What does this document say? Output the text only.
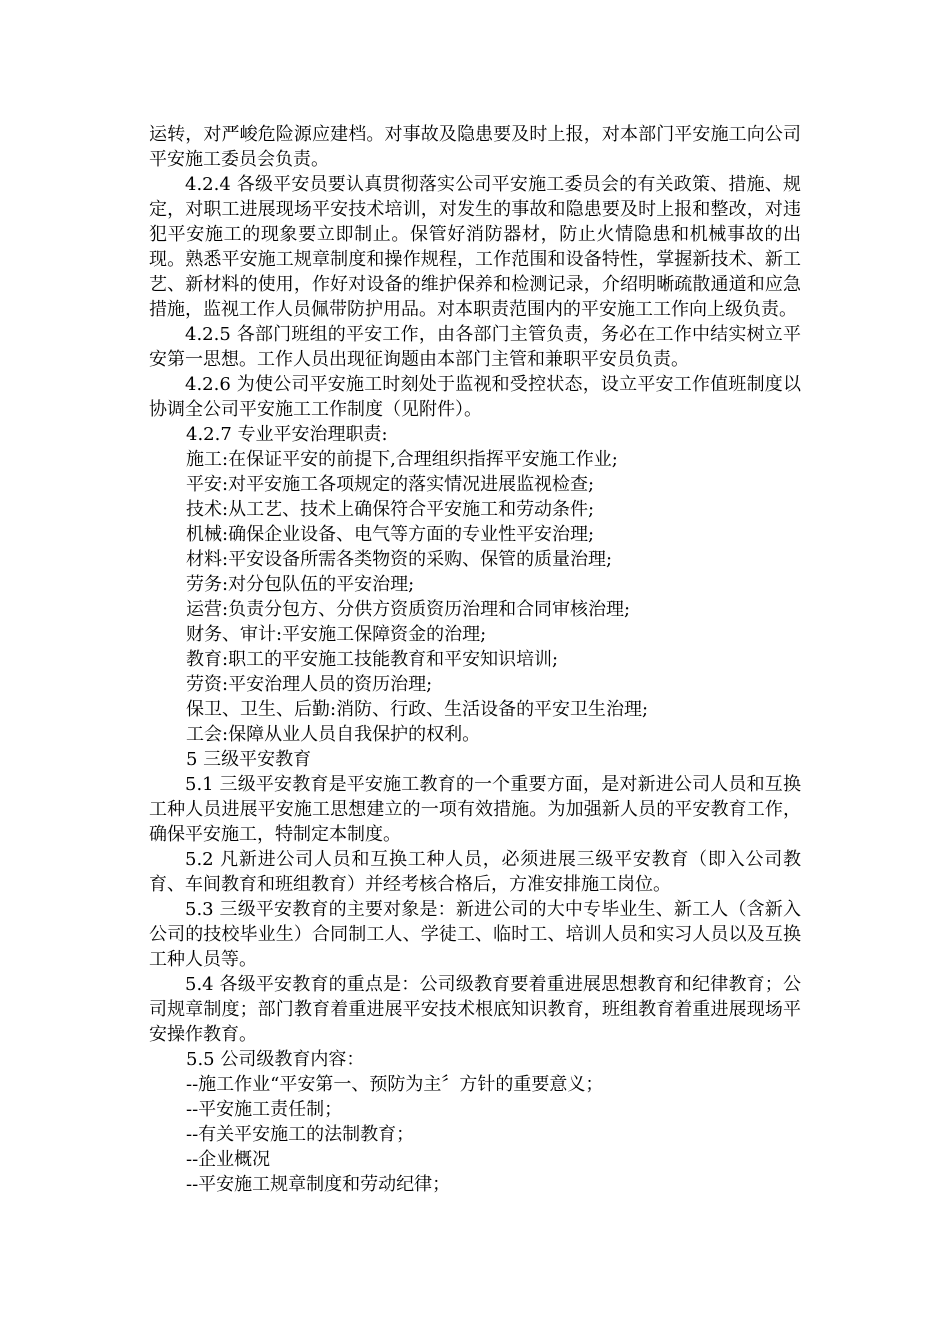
运转，对严峻危险源应建档。对事故及隐患要及时上报，对本部门平安施工向公司平安施工委员会负责。

4.2.4 各级平安员要认真贯彻落实公司平安施工委员会的有关政策、措施、规定，对职工进展现场平安技术培训，对发生的事故和隐患要及时上报和整改，对违犯平安施工的现象要立即制止。保管好消防器材，防止火情隐患和机械事故的出现。熟悉平安施工规章制度和操作规程，工作范围和设备特性，掌握新技术、新工艺、新材料的使用，作好对设备的维护保养和检测记录，介绍明晰疏散通道和应急措施，监视工作人员佩带防护用品。对本职责范围内的平安施工工作向上级负责。

4.2.5 各部门班组的平安工作，由各部门主管负责，务必在工作中结实树立平安第一思想。工作人员出现征询题由本部门主管和兼职平安员负责。

4.2.6 为使公司平安施工时刻处于监视和受控状态，设立平安工作值班制度以协调全公司平安施工工作制度（见附件）。

4.2.7 专业平安治理职责:

施工:在保证平安的前提下,合理组织指挥平安施工作业;

平安:对平安施工各项规定的落实情况进展监视检查;

技术:从工艺、技术上确保符合平安施工和劳动条件;

机械:确保企业设备、电气等方面的专业性平安治理;

材料:平安设备所需各类物资的采购、保管的质量治理;

劳务:对分包队伍的平安治理;

运营:负责分包方、分供方资质资历治理和合同审核治理;

财务、审计:平安施工保障资金的治理;

教育:职工的平安施工技能教育和平安知识培训;

劳资:平安治理人员的资历治理;

保卫、卫生、后勤:消防、行政、生活设备的平安卫生治理;

工会:保障从业人员自我保护的权利。

5 三级平安教育

5.1 三级平安教育是平安施工教育的一个重要方面，是对新进公司人员和互换工种人员进展平安施工思想建立的一项有效措施。为加强新人员的平安教育工作，确保平安施工，特制定本制度。

5.2 凡新进公司人员和互换工种人员，必须进展三级平安教育（即入公司教育、车间教育和班组教育）并经考核合格后，方准安排施工岗位。

5.3 三级平安教育的主要对象是：新进公司的大中专毕业生、新工人（含新入公司的技校毕业生）合同制工人、学徒工、临时工、培训人员和实习人员以及互换工种人员等。

5.4 各级平安教育的重点是：公司级教育要着重进展思想教育和纪律教育；公司规章制度；部门教育着重进展平安技术根底知识教育，班组教育着重进展现场平安操作教育。

5.5 公司级教育内容：

--施工作业“平安第一、预防为主〞方针的重要意义；

--平安施工责任制；

--有关平安施工的法制教育；

--企业概况

--平安施工规章制度和劳动纪律；
